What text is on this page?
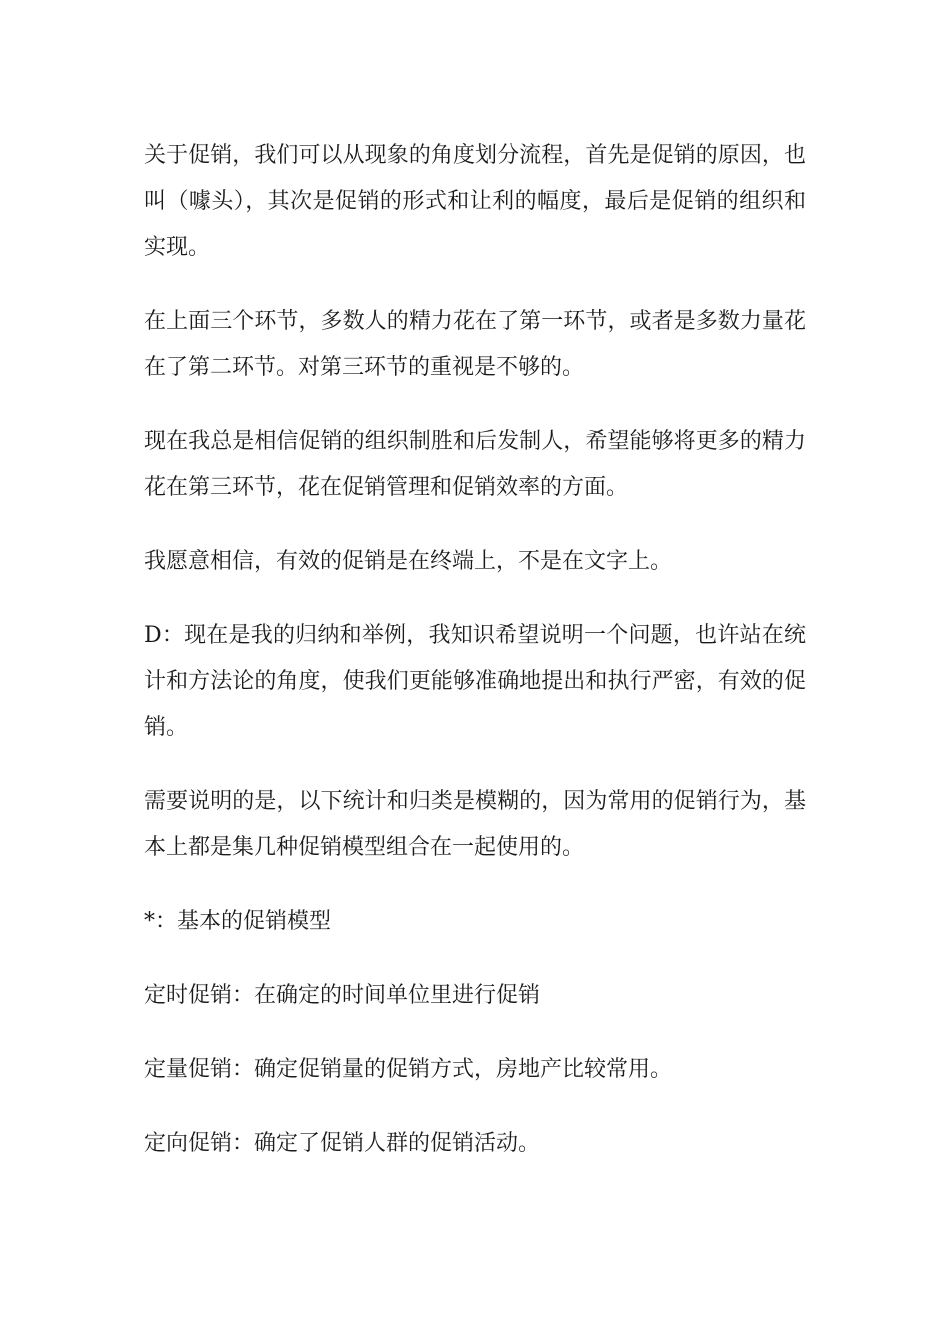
关于促销，我们可以从现象的角度划分流程，首先是促销的原因，也叫（噱头），其次是促销的形式和让利的幅度，最后是促销的组织和实现。

在上面三个环节，多数人的精力花在了第一环节，或者是多数力量花在了第二环节。对第三环节的重视是不够的。

现在我总是相信促销的组织制胜和后发制人，希望能够将更多的精力花在第三环节，花在促销管理和促销效率的方面。

我愿意相信，有效的促销是在终端上，不是在文字上。

D：现在是我的归纳和举例，我知识希望说明一个问题，也许站在统计和方法论的角度，使我们更能够准确地提出和执行严密，有效的促销。

需要说明的是，以下统计和归类是模糊的，因为常用的促销行为，基本上都是集几种促销模型组合在一起使用的。

*：基本的促销模型

定时促销：在确定的时间单位里进行促销

定量促销：确定促销量的促销方式，房地产比较常用。

定向促销：确定了促销人群的促销活动。
